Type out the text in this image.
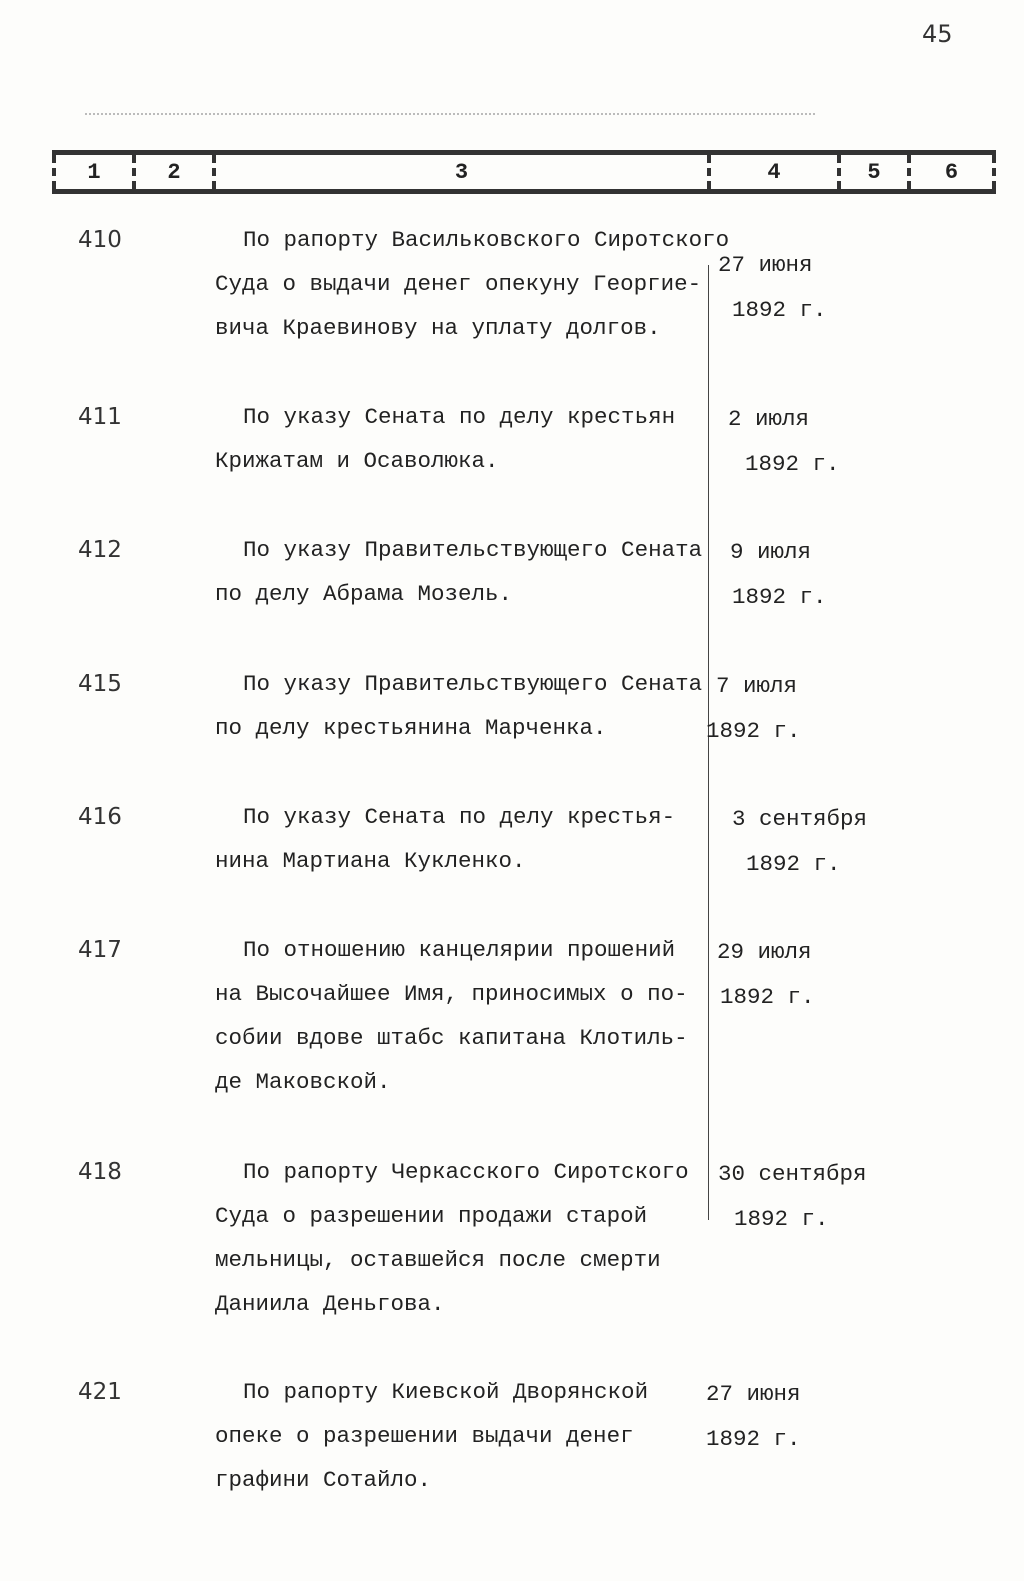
45
1	2	3	4	5	6
410	По рапорту Васильковского Сиротского
Суда о выдачи денег опекуну Георгие-
вича Краевинову на уплату долгов.
27 июня
1892 г.
411	По указу Сената по делу крестьян
Крижатам и Осаволюка.
2 июля
1892 г.
412	По указу Правительствующего Сената
по делу Абрама Мозель.
9 июля
1892 г.
415	По указу Правительствующего Сената
по делу крестьянина Марченка.
7 июля
1892 г.
416	По указу Сената по делу крестья-
нина Мартиана Кукленко.
3 сентября
1892 г.
417	По отношению канцелярии прошений
на Высочайшее Имя, приносимых о по-
собии вдове штабс капитана Клотиль-
де Маковской.
29 июля
1892 г.
418	По рапорту Черкасского Сиротского
Суда о разрешении продажи старой
мельницы, оставшейся после смерти
Даниила Деньгова.
30 сентября
1892 г.
421	По рапорту Киевской Дворянской
опеке о разрешении выдачи денег
графини Сотайло.
27 июня
1892 г.
